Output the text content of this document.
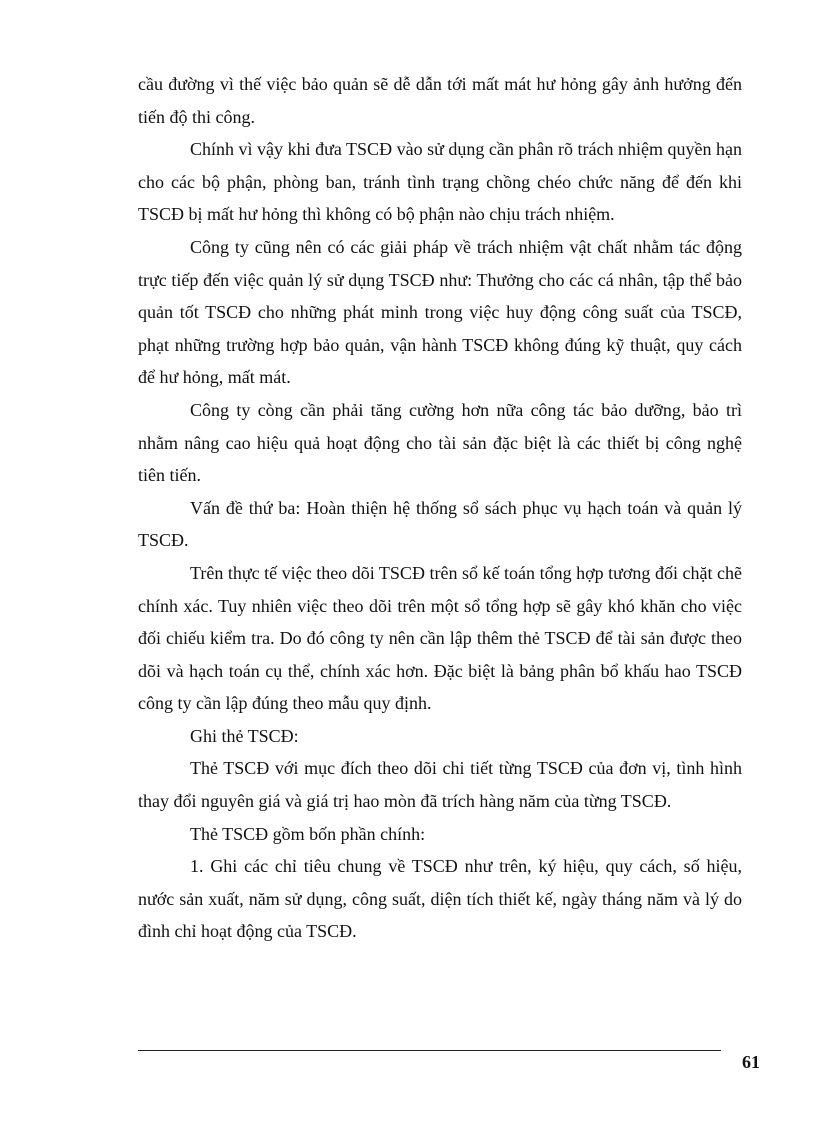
cầu đường vì thế việc bảo quản sẽ dễ dẫn tới mất mát hư hỏng gây ảnh hưởng đến tiến độ thi công.

Chính vì vậy khi đưa TSCĐ vào sử dụng cần phân rõ trách nhiệm quyền hạn cho các bộ phận, phòng ban, tránh tình trạng chồng chéo chức năng để đến khi TSCĐ bị mất hư hỏng thì không có bộ phận nào chịu trách nhiệm.

Công ty cũng nên có các giải pháp về trách nhiệm vật chất nhằm tác động trực tiếp đến việc quản lý sử dụng TSCĐ như: Thưởng cho các cá nhân, tập thể bảo quản tốt TSCĐ cho những phát minh trong việc huy động công suất của TSCĐ, phạt những trường hợp bảo quản, vận hành TSCĐ không đúng kỹ thuật, quy cách để hư hỏng, mất mát.

Công ty còng cần phải tăng cường hơn nữa công tác bảo dưỡng, bảo trì nhằm nâng cao hiệu quả hoạt động cho tài sản đặc biệt là các thiết bị công nghệ tiên tiến.

Vấn đề thứ ba: Hoàn thiện hệ thống sổ sách phục vụ hạch toán và quản lý TSCĐ.

Trên thực tế việc theo dõi TSCĐ trên sổ kế toán tổng hợp tương đối chặt chẽ chính xác. Tuy nhiên việc theo dõi trên một sổ tổng hợp sẽ gây khó khăn cho việc đối chiếu kiểm tra. Do đó công ty nên cần lập thêm thẻ TSCĐ để tài sản được theo dõi và hạch toán cụ thể, chính xác hơn. Đặc biệt là bảng phân bổ khấu hao TSCĐ công ty cần lập đúng theo mẫu quy định.

Ghi thẻ TSCĐ:

Thẻ TSCĐ với mục đích theo dõi chi tiết từng TSCĐ của đơn vị, tình hình thay đổi nguyên giá và giá trị hao mòn đã trích hàng năm của từng TSCĐ.

Thẻ TSCĐ gồm bốn phần chính:

1. Ghi các chỉ tiêu chung về TSCĐ như trên, ký hiệu, quy cách, số hiệu, nước sản xuất, năm sử dụng, công suất, diện tích thiết kế, ngày tháng năm và lý do đình chỉ hoạt động của TSCĐ.

61
